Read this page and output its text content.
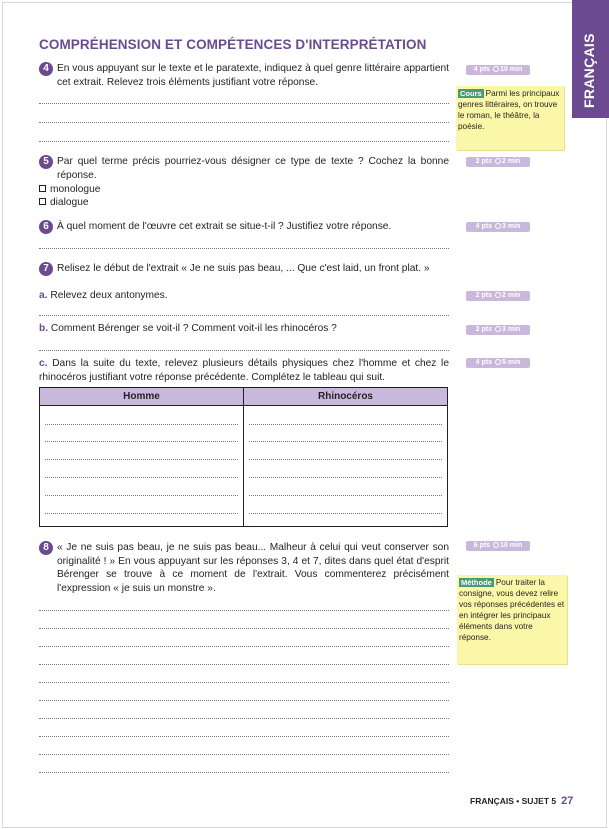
FRANÇAIS
COMPRÉHENSION ET COMPÉTENCES D'INTERPRÉTATION
4 En vous appuyant sur le texte et le paratexte, indiquez à quel genre littéraire appartient cet extrait. Relevez trois éléments justifiant votre réponse.
4 pts 10 min
Cours Parmi les principaux genres littéraires, on trouve le roman, le théâtre, la poésie.
5 Par quel terme précis pourriez-vous désigner ce type de texte ? Cochez la bonne réponse.
2 pts 2 min
monologue
dialogue
6 À quel moment de l'œuvre cet extrait se situe-t-il ? Justifiez votre réponse.	4 pts 3 min
7 Relisez le début de l'extrait « Je ne suis pas beau, ... Que c'est laid, un front plat. »
a. Relevez deux antonymes.	2 pts 2 min
b. Comment Bérenger se voit-il ? Comment voit-il les rhinocéros ?	2 pts 3 min
c. Dans la suite du texte, relevez plusieurs détails physiques chez l'homme et chez le rhinocéros justifiant votre réponse précédente. Complétez le tableau qui suit.
4 pts 5 min
Homme	Rhinocéros
8 « Je ne suis pas beau, je ne suis pas beau... Malheur à celui qui veut conserver son originalité ! » En vous appuyant sur les réponses 3, 4 et 7, dites dans quel état d'esprit Bérenger se trouve à ce moment de l'extrait. Vous commenterez précisément l'expression « je suis un monstre ».
6 pts 10 min
Méthode Pour traiter la consigne, vous devez relire vos réponses précédentes et en intégrer les principaux éléments dans votre réponse.
FRANÇAIS • SUJET 5 27
